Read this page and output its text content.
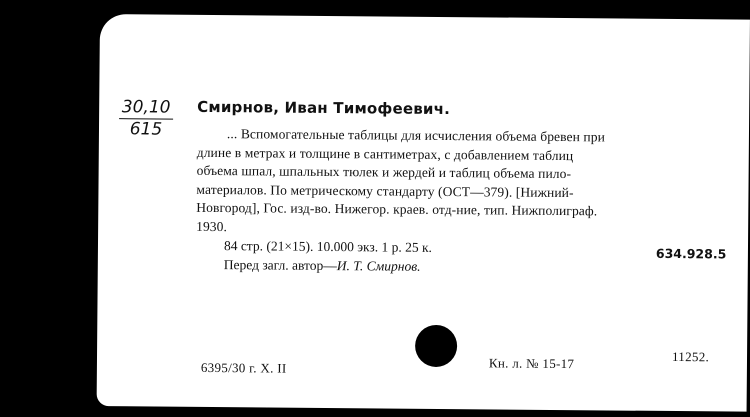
$\frac{30,10}{615}$ Смирнов, Иван Тимофеевич.
... Вспомогательные таблицы для исчисления объема бревен при
длине в метрах и толщине в сантиметрах, с добавлением таблиц
объема шпал, шпальных тюлек и жердей и таблиц объема пило-
материалов. По метрическому стандарту (ОСТ—379). [Нижний-
Новгород], Гос. изд-во. Нижегор. краев. отд-ние, тип. Нижполиграф.
1930.
84 стр. (21×15). 10.000 экз. 1 р. 25 к.	634.928.5
Перед загл. автор—И. Т. Смирнов.
6395/30 г. X. II	Кн. л. № 15-17	11252.
